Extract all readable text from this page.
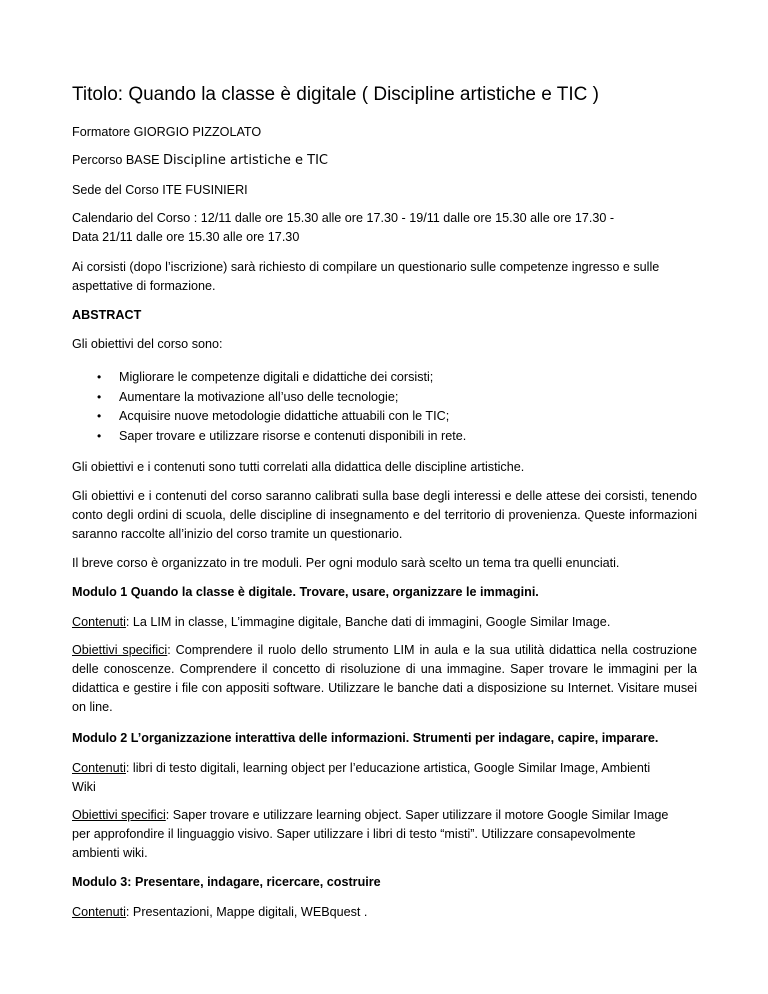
Titolo: Quando la classe è digitale ( Discipline artistiche e TIC )
Formatore GIORGIO PIZZOLATO
Percorso BASE Discipline artistiche e TIC
Sede del Corso ITE FUSINIERI
Calendario del Corso : 12/11 dalle ore 15.30 alle ore 17.30 - 19/11 dalle ore 15.30 alle ore 17.30 -
Data 21/11 dalle ore 15.30 alle ore 17.30
Ai corsisti (dopo l’iscrizione) sarà richiesto di compilare un questionario sulle competenze ingresso e sulle aspettative di formazione.
ABSTRACT
Gli obiettivi del corso sono:
• Migliorare le competenze digitali e didattiche dei corsisti;
• Aumentare la motivazione all’uso delle tecnologie;
• Acquisire nuove metodologie didattiche attuabili con le TIC;
• Saper trovare e utilizzare risorse e contenuti disponibili in rete.
Gli obiettivi e i contenuti sono tutti correlati alla didattica delle discipline artistiche.
Gli obiettivi e i contenuti del corso saranno calibrati sulla base degli interessi e delle attese dei corsisti, tenendo conto degli ordini di scuola, delle discipline di insegnamento e del territorio di provenienza. Queste informazioni saranno raccolte all’inizio del corso tramite un questionario.
Il breve corso è organizzato in tre moduli. Per ogni modulo sarà scelto un tema tra quelli enunciati.
Modulo 1 Quando la classe è digitale. Trovare, usare, organizzare le immagini.
Contenuti: La LIM in classe, L’immagine digitale, Banche dati di immagini, Google Similar Image.
Obiettivi specifici: Comprendere il ruolo dello strumento LIM in aula e la sua utilità didattica nella costruzione delle conoscenze. Comprendere il concetto di risoluzione di una immagine. Saper trovare le immagini per la didattica e gestire i file con appositi software. Utilizzare le banche dati a disposizione su Internet. Visitare musei on line.
Modulo 2 L’organizzazione interattiva delle informazioni. Strumenti per indagare, capire, imparare.
Contenuti: libri di testo digitali, learning object per l’educazione artistica, Google Similar Image, Ambienti Wiki
Obiettivi specifici: Saper trovare e utilizzare learning object. Saper utilizzare il motore Google Similar Image per approfondire il linguaggio visivo. Saper utilizzare i libri di testo “misti”. Utilizzare consapevolmente ambienti wiki.
Modulo 3: Presentare, indagare, ricercare, costruire
Contenuti: Presentazioni, Mappe digitali, WEBquest .
